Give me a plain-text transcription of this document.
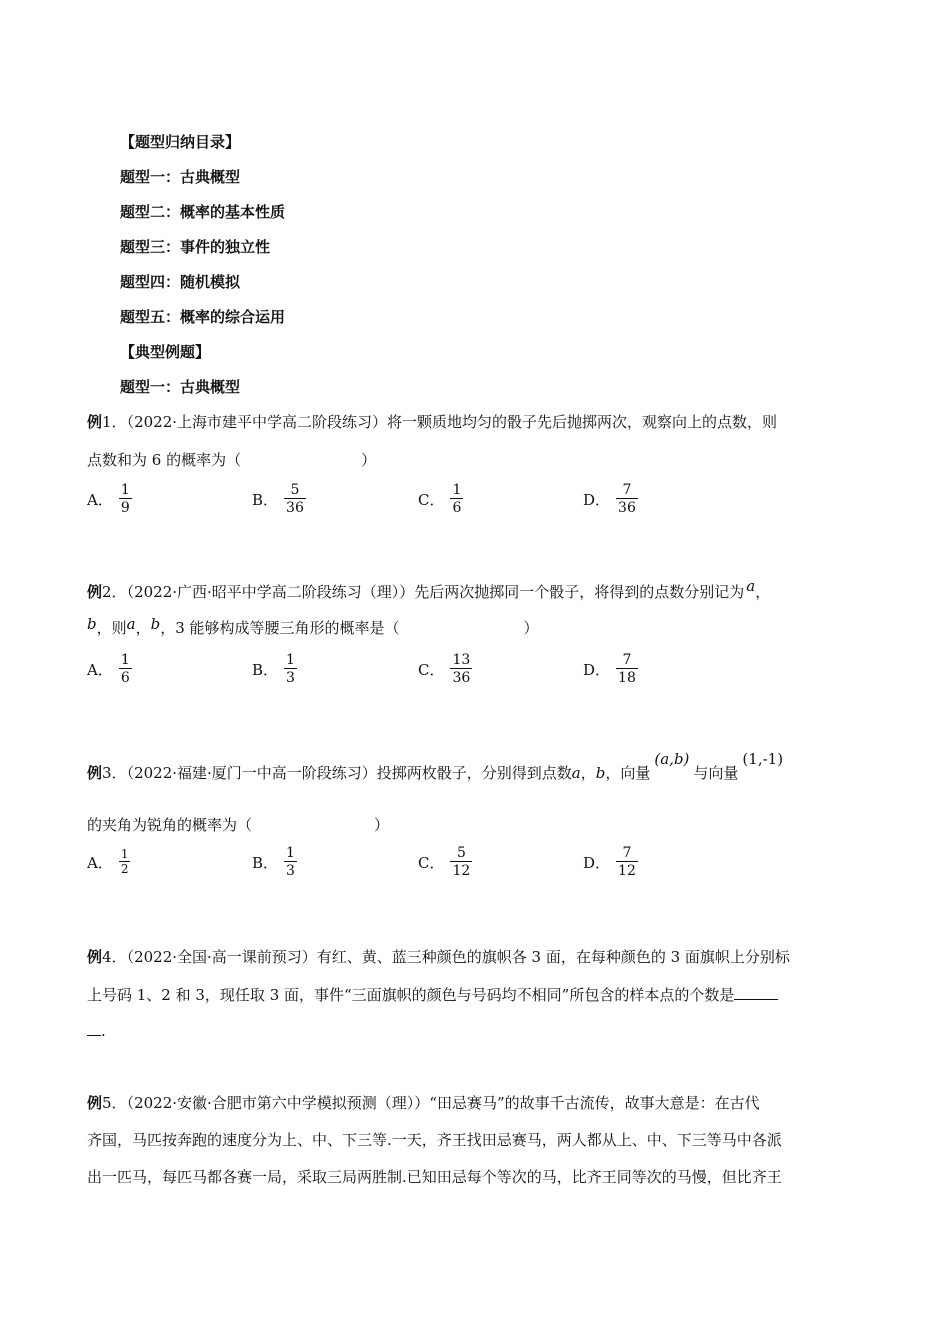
【题型归纳目录】
题型一：古典概型
题型二：概率的基本性质
题型三：事件的独立性
题型四：随机模拟
题型五：概率的综合运用
【典型例题】
题型一：古典概型
例1．（2022·上海市建平中学高二阶段练习）将一颗质地均匀的骰子先后抛掷两次，观察向上的点数，则
点数和为 6 的概率为（	）
A． $\frac{1}{9}$	B． $\frac{5}{36}$	C． $\frac{1}{6}$	D． $\frac{7}{36}$
例2．（2022·广西·昭平中学高二阶段练习（理））先后两次抛掷同一个骰子，将得到的点数分别记为 a，
b，则a，b，3 能够构成等腰三角形的概率是（	）
A． $\frac{1}{6}$	B． $\frac{1}{3}$	C． $\frac{13}{36}$	D． $\frac{7}{18}$
例3．（2022·福建·厦门一中高一阶段练习）投掷两枚骰子，分别得到点数a，b，向量(a,b)与向量(1,‑1)
的夹角为锐角的概率为（	）
A． $\frac{1}{2}$	B． $\frac{1}{3}$	C． $\frac{5}{12}$	D． $\frac{7}{12}$
例4．（2022·全国·高一课前预习）有红、黄、蓝三种颜色的旗帜各 3 面，在每种颜色的 3 面旗帜上分别标
上号码 1、2 和 3，现任取 3 面，事件“三面旗帜的颜色与号码均不相同”所包含的样本点的个数是
.
例5．（2022·安徽·合肥市第六中学模拟预测（理））“田忌赛马”的故事千古流传，故事大意是：在古代
齐国，马匹按奔跑的速度分为上、中、下三等.一天，齐王找田忌赛马，两人都从上、中、下三等马中各派
出一匹马，每匹马都各赛一局，采取三局两胜制.已知田忌每个等次的马，比齐王同等次的马慢，但比齐王
